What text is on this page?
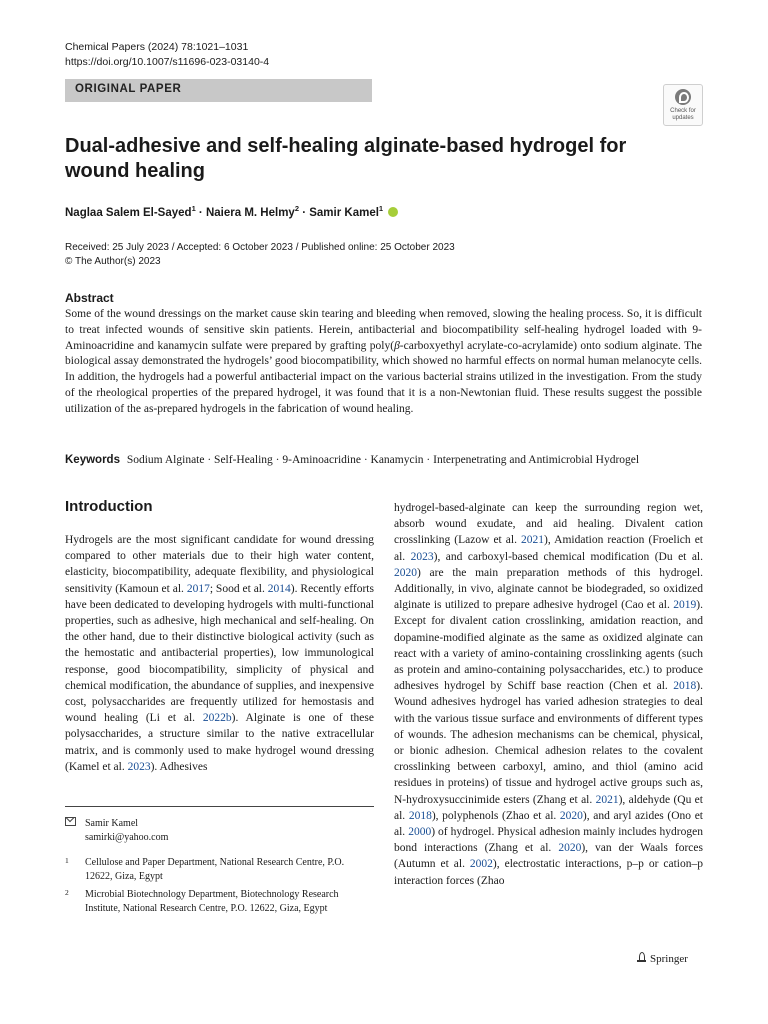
Chemical Papers (2024) 78:1021–1031
https://doi.org/10.1007/s11696-023-03140-4
ORIGINAL PAPER
Check for
updates
Dual-adhesive and self-healing alginate-based hydrogel for wound healing
Naglaa Salem El-Sayed$^1$ · Naiera M. Helmy$^2$ · Samir Kamel$^1$
Received: 25 July 2023 / Accepted: 6 October 2023 / Published online: 25 October 2023
© The Author(s) 2023
Abstract
Some of the wound dressings on the market cause skin tearing and bleeding when removed, slowing the healing process. So, it is difficult to treat infected wounds of sensitive skin patients. Herein, antibacterial and biocompatibility self-healing hydrogel loaded with 9-Aminoacridine and kanamycin sulfate were prepared by grafting poly(β-carboxyethyl acrylate-co-acrylamide) onto sodium alginate. The biological assay demonstrated the hydrogels’ good biocompatibility, which showed no harmful effects on normal human melanocyte cells. In addition, the hydrogels had a powerful antibacterial impact on the various bacterial strains utilized in the investigation. From the study of the rheological properties of the prepared hydrogel, it was found that it is a non-Newtonian fluid. These results suggest the possible utilization of the as-prepared hydrogels in the fabrication of wound healing.
Keywords Sodium Alginate · Self-Healing · 9-Aminoacridine · Kanamycin · Interpenetrating and Antimicrobial Hydrogel
Introduction
Hydrogels are the most significant candidate for wound dressing compared to other materials due to their high water content, elasticity, biocompatibility, adequate flexibility, and physiological sensitivity (Kamoun et al. 2017; Sood et al. 2014). Recently efforts have been dedicated to developing hydrogels with multi-functional properties, such as adhesive, high mechanical and self-healing. On the other hand, due to their distinctive biological activity (such as the hemostatic and antibacterial properties), low immunological response, good biocompatibility, simplicity of physical and chemical modification, the abundance of supplies, and inexpensive cost, polysaccharides are frequently utilized for hemostasis and wound healing (Li et al. 2022b). Alginate is one of these polysaccharides, a structure similar to the native extracellular matrix, and is commonly used to make hydrogel wound dressing (Kamel et al. 2023). Adhesives
hydrogel-based-alginate can keep the surrounding region wet, absorb wound exudate, and aid healing. Divalent cation crosslinking (Lazow et al. 2021), Amidation reaction (Froelich et al. 2023), and carboxyl-based chemical modification (Du et al. 2020) are the main preparation methods of this hydrogel. Additionally, in vivo, alginate cannot be biodegraded, so oxidized alginate is utilized to prepare adhesive hydrogel (Cao et al. 2019). Except for divalent cation crosslinking, amidation reaction, and dopamine-modified alginate as the same as oxidized alginate can react with a variety of amino-containing crosslinking agents (such as protein and amino-containing polysaccharides, etc.) to produce adhesives hydrogel by Schiff base reaction (Chen et al. 2018). Wound adhesives hydrogel has varied adhesion strategies to deal with the various tissue surface and environments of different types of wounds. The adhesion mechanisms can be chemical, physical, or bionic adhesion. Chemical adhesion relates to the covalent crosslinking between carboxyl, amino, and thiol (amino acid residues in proteins) of tissue and hydrogel active groups such as, N-hydroxysuccinimide esters (Zhang et al. 2021), aldehyde (Qu et al. 2018), polyphenols (Zhao et al. 2020), and aryl azides (Ono et al. 2000) of hydrogel. Physical adhesion mainly includes hydrogen bond interactions (Zhang et al. 2020), van der Waals forces (Autumn et al. 2002), electrostatic interactions, p–p or cation–p interaction forces (Zhao
Samir Kamel
samirki@yahoo.com
1	Cellulose and Paper Department, National Research Centre, P.O. 12622, Giza, Egypt
2	Microbial Biotechnology Department, Biotechnology Research Institute, National Research Centre, P.O. 12622, Giza, Egypt
Springer
